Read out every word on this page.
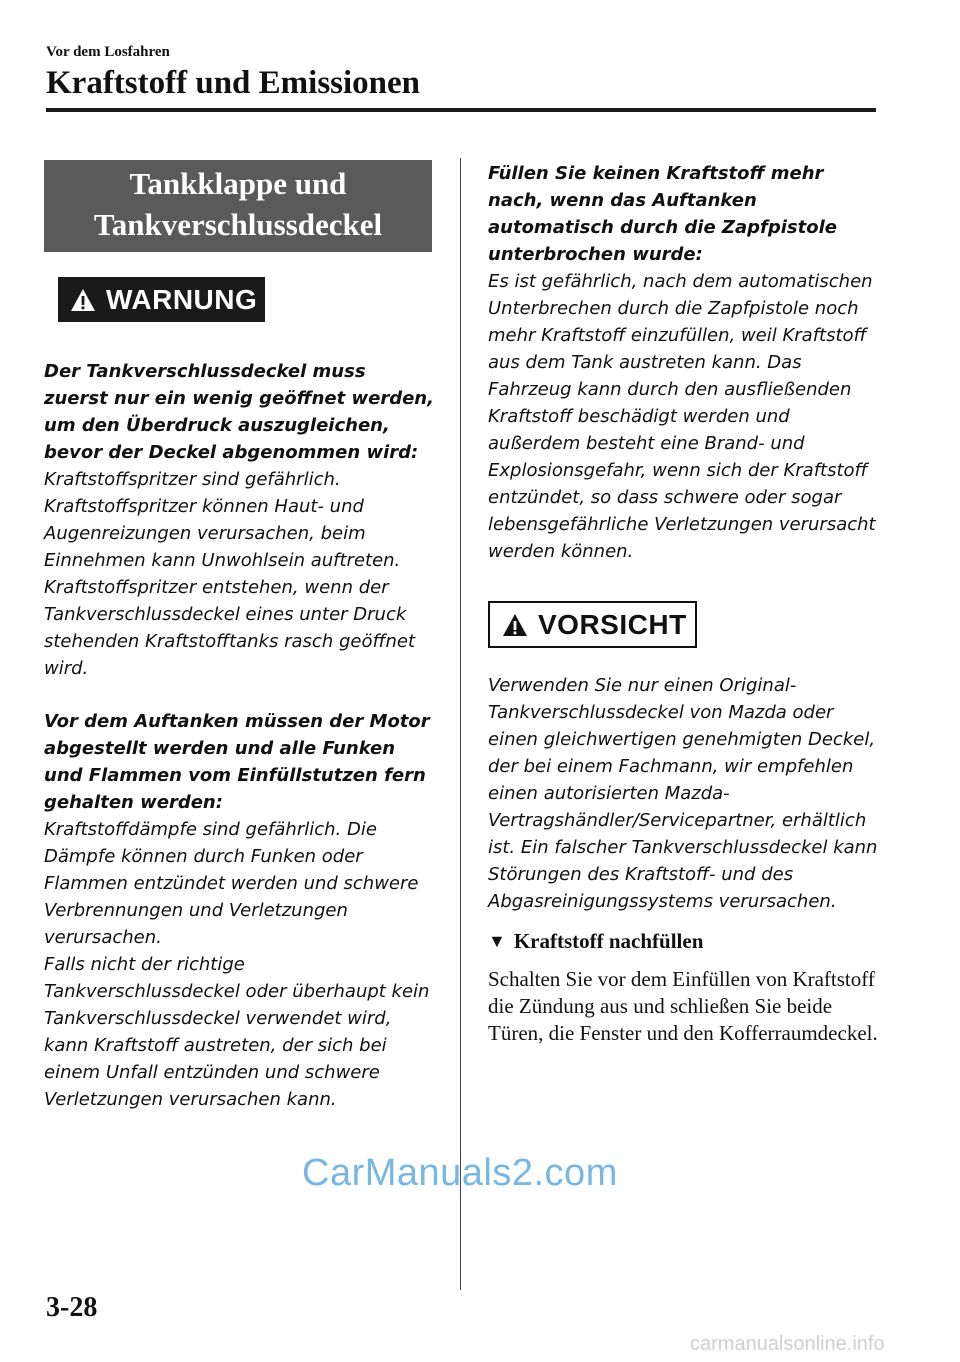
Vor dem Losfahren

Kraftstoff und Emissionen
Tankklappe und
Tankverschlussdeckel
WARNUNG

Der Tankverschlussdeckel muss zuerst nur ein wenig geöffnet werden, um den Überdruck auszugleichen, bevor der Deckel abgenommen wird:

Kraftstoffspritzer sind gefährlich. Kraftstoffspritzer können Haut- und Augenreizungen verursachen, beim Einnehmen kann Unwohlsein auftreten. Kraftstoffspritzer entstehen, wenn der Tankverschlussdeckel eines unter Druck stehenden Kraftstofftanks rasch geöffnet wird.

Vor dem Auftanken müssen der Motor abgestellt werden und alle Funken und Flammen vom Einfüllstutzen fern gehalten werden:

Kraftstoffdämpfe sind gefährlich. Die Dämpfe können durch Funken oder Flammen entzündet werden und schwere Verbrennungen und Verletzungen verursachen.

Falls nicht der richtige Tankverschlussdeckel oder überhaupt kein Tankverschlussdeckel verwendet wird, kann Kraftstoff austreten, der sich bei einem Unfall entzünden und schwere Verletzungen verursachen kann.

Füllen Sie keinen Kraftstoff mehr nach, wenn das Auftanken automatisch durch die Zapfpistole unterbrochen wurde:

Es ist gefährlich, nach dem automatischen Unterbrechen durch die Zapfpistole noch mehr Kraftstoff einzufüllen, weil Kraftstoff aus dem Tank austreten kann. Das Fahrzeug kann durch den ausfließenden Kraftstoff beschädigt werden und außerdem besteht eine Brand- und Explosionsgefahr, wenn sich der Kraftstoff entzündet, so dass schwere oder sogar lebensgefährliche Verletzungen verursacht werden können.

VORSICHT

Verwenden Sie nur einen Original-Tankverschlussdeckel von Mazda oder einen gleichwertigen genehmigten Deckel, der bei einem Fachmann, wir empfehlen einen autorisierten Mazda-Vertragshändler/Servicepartner, erhältlich ist. Ein falscher Tankverschlussdeckel kann Störungen des Kraftstoff- und des Abgasreinigungssystems verursachen.

▼ Kraftstoff nachfüllen

Schalten Sie vor dem Einfüllen von Kraftstoff die Zündung aus und schließen Sie beide Türen, die Fenster und den Kofferraumdeckel.

CarManuals2.com

3-28

carmanualsonline.info
